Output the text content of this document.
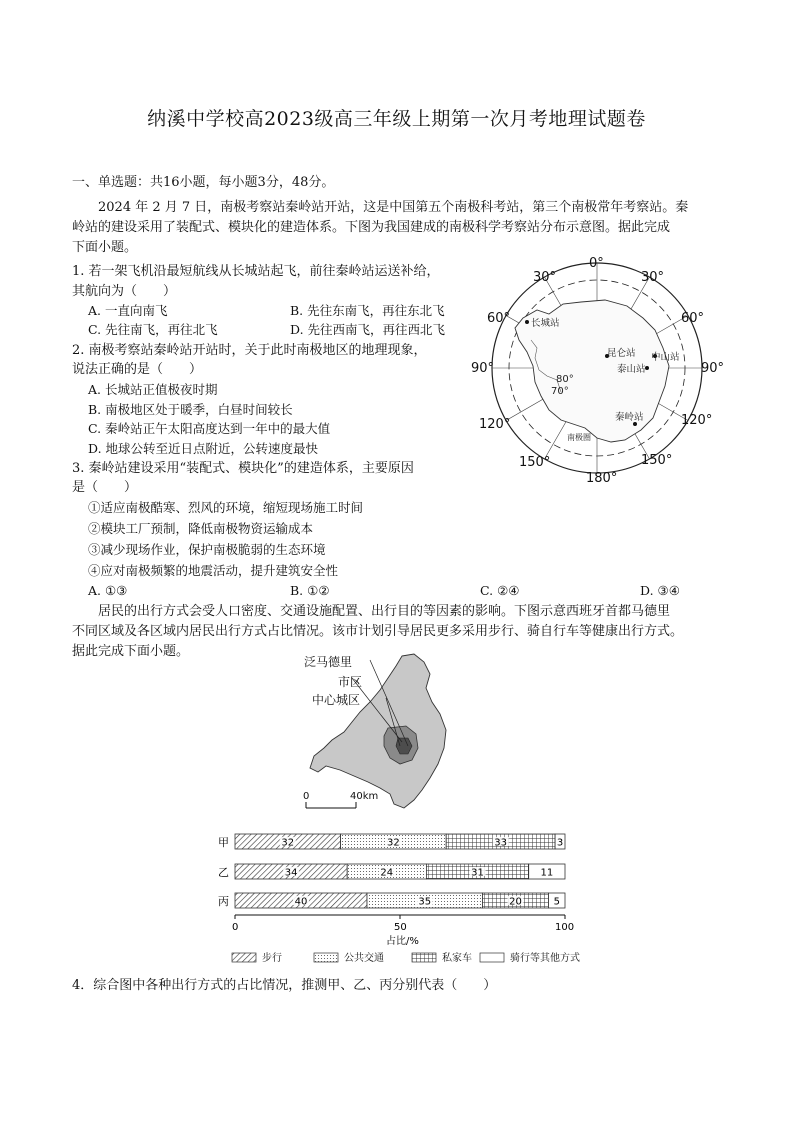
纳溪中学校高2023级高三年级上期第一次月考地理试题卷
一、单选题：共16小题，每小题3分，48分。
2024 年 2 月 7 日，南极考察站秦岭站开站，这是中国第五个南极科考站，第三个南极常年考察站。秦
岭站的建设采用了装配式、模块化的建造体系。下图为我国建成的南极科学考察站分布示意图。据此完成
下面小题。
1. 若一架飞机沿最短航线从长城站起飞，前往秦岭站运送补给，
其航向为（　　）
A. 一直向南飞	B. 先往东南飞，再往东北飞
C. 先往南飞，再往北飞	D. 先往西南飞，再往西北飞
2. 南极考察站秦岭站开站时，关于此时南极地区的地理现象，
说法正确的是（　　）
A. 长城站正值极夜时期
B. 南极地区处于暖季，白昼时间较长
C. 秦岭站正午太阳高度达到一年中的最大值
D. 地球公转至近日点附近，公转速度最快
3. 秦岭站建设采用“装配式、模块化”的建造体系，主要原因
是（　　）
①适应南极酷寒、烈风的环境，缩短现场施工时间
②模块工厂预制，降低南极物资运输成本
③减少现场作业，保护南极脆弱的生态环境
④应对南极频繁的地震活动，提升建筑安全性
A. ①③	B. ①②	C. ②④	D. ③④
0°
30°	30°
60°	60°
90°	90°
120°	120°
150°	150°
180°
80°
70°
长城站
昆仑站 中山站
泰山站
秦岭站
南极圈
居民的出行方式会受人口密度、交通设施配置、出行目的等因素的影响。下图示意西班牙首都马德里
不同区域及各区域内居民出行方式占比情况。该市计划引导居民更多采用步行、骑自行车等健康出行方式。
据此完成下面小题。
泛马德里
市区
中心城区
0	40km
甲	32	32	33	3
乙	34	24	31	11
丙	40	35	20	5
0	50	100
占比/%
步行	公共交通	私家车	骑行等其他方式
4．综合图中各种出行方式的占比情况，推测甲、乙、丙分别代表（　　）
